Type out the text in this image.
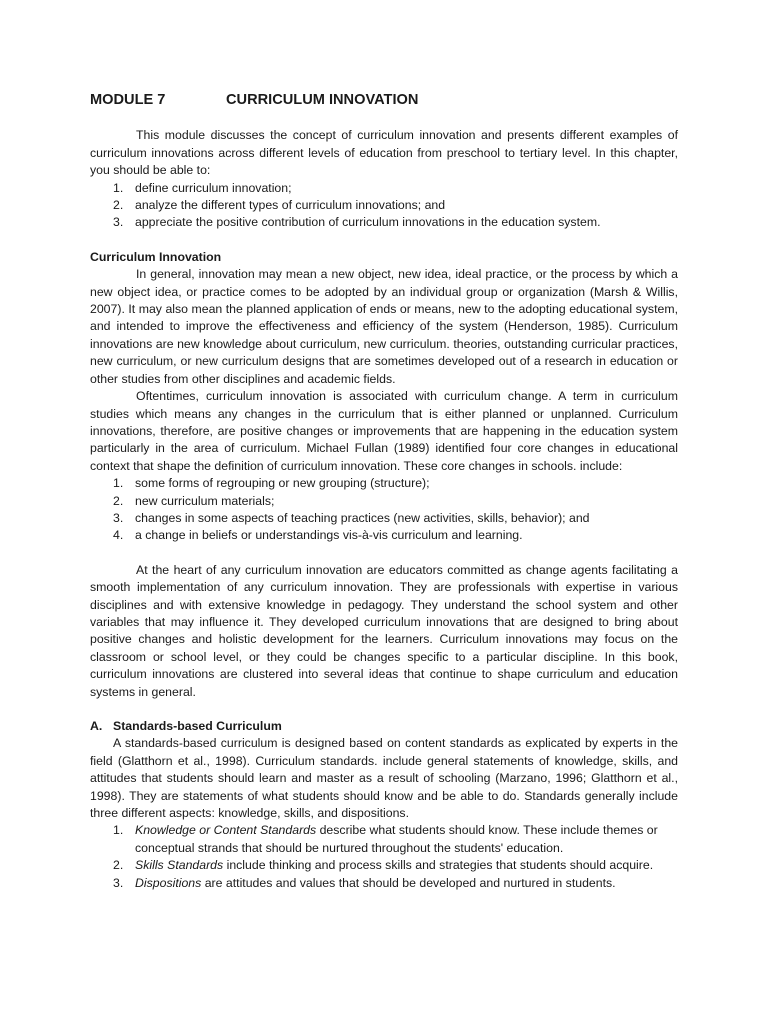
MODULE 7	CURRICULUM INNOVATION

This module discusses the concept of curriculum innovation and presents different examples of curriculum innovations across different levels of education from preschool to tertiary level. In this chapter, you should be able to:

1. define curriculum innovation;
2. analyze the different types of curriculum innovations; and
3. appreciate the positive contribution of curriculum innovations in the education system.
Curriculum Innovation

In general, innovation may mean a new object, new idea, ideal practice, or the process by which a new object idea, or practice comes to be adopted by an individual group or organization (Marsh & Willis, 2007). It may also mean the planned application of ends or means, new to the adopting educational system, and intended to improve the effectiveness and efficiency of the system (Henderson, 1985). Curriculum innovations are new knowledge about curriculum, new curriculum. theories, outstanding curricular practices, new curriculum, or new curriculum designs that are sometimes developed out of a research in education or other studies from other disciplines and academic fields.

Oftentimes, curriculum innovation is associated with curriculum change. A term in curriculum studies which means any changes in the curriculum that is either planned or unplanned. Curriculum innovations, therefore, are positive changes or improvements that are happening in the education system particularly in the area of curriculum. Michael Fullan (1989) identified four core changes in educational context that shape the definition of curriculum innovation. These core changes in schools. include:

1. some forms of regrouping or new grouping (structure);
2. new curriculum materials;
3. changes in some aspects of teaching practices (new activities, skills, behavior); and
4. a change in beliefs or understandings vis-à-vis curriculum and learning.

At the heart of any curriculum innovation are educators committed as change agents facilitating a smooth implementation of any curriculum innovation. They are professionals with expertise in various disciplines and with extensive knowledge in pedagogy. They understand the school system and other variables that may influence it. They developed curriculum innovations that are designed to bring about positive changes and holistic development for the learners. Curriculum innovations may focus on the classroom or school level, or they could be changes specific to a particular discipline. In this book, curriculum innovations are clustered into several ideas that continue to shape curriculum and education systems in general.

A. Standards-based Curriculum

A standards-based curriculum is designed based on content standards as explicated by experts in the field (Glatthorn et al., 1998). Curriculum standards. include general statements of knowledge, skills, and attitudes that students should learn and master as a result of schooling (Marzano, 1996; Glatthorn et al., 1998). They are statements of what students should know and be able to do. Standards generally include three different aspects: knowledge, skills, and dispositions.

1. Knowledge or Content Standards describe what students should know. These include themes or conceptual strands that should be nurtured throughout the students' education.
2. Skills Standards include thinking and process skills and strategies that students should acquire.
3. Dispositions are attitudes and values that should be developed and nurtured in students.
